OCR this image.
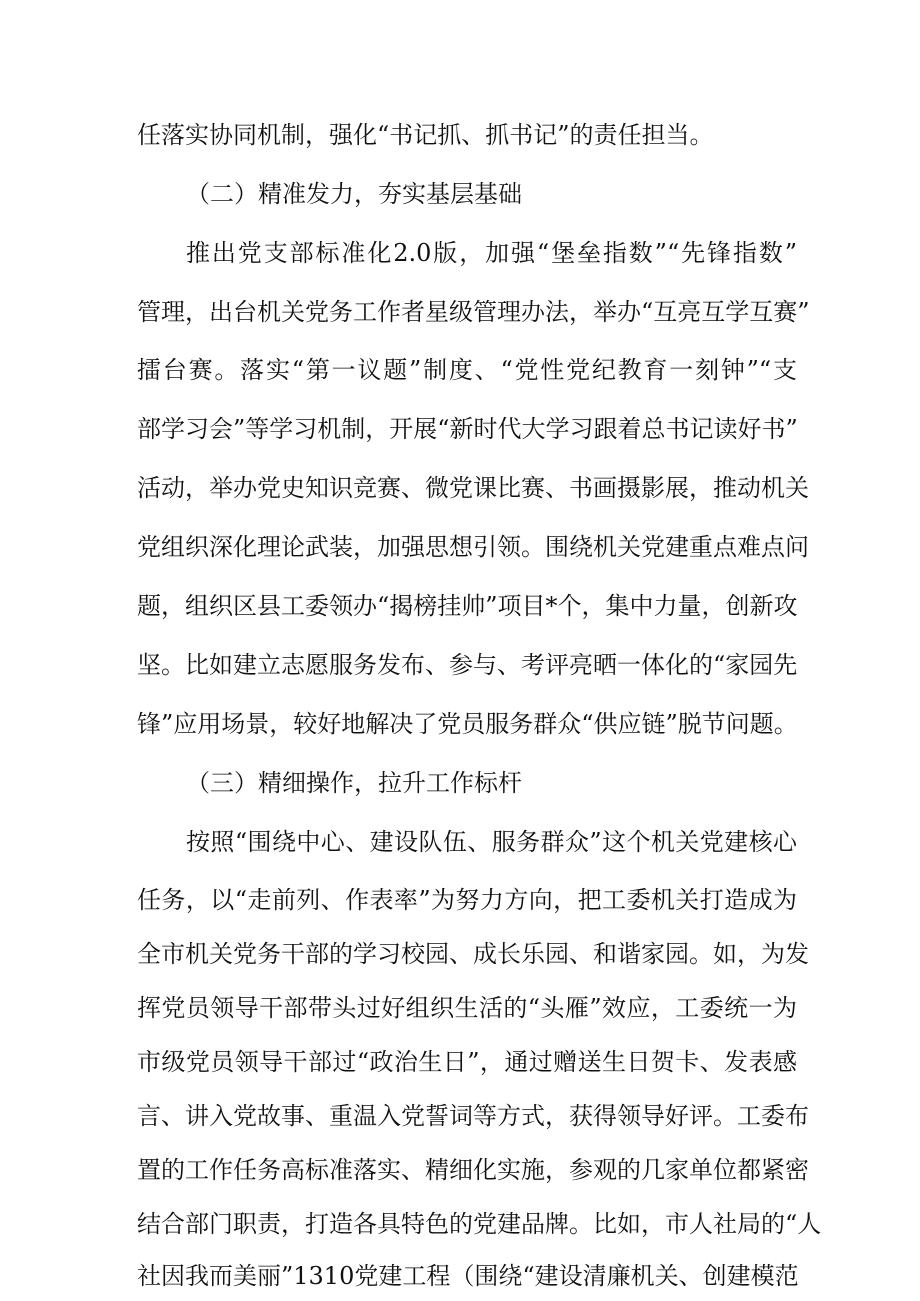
任落实协同机制，强化“书记抓、抓书记”的责任担当。
（二）精准发力，夯实基层基础
推出党支部标准化2.0版，加强“堡垒指数”“先锋指数”
管理，出台机关党务工作者星级管理办法，举办“互亮互学互赛”
擂台赛。落实“第一议题”制度、“党性党纪教育一刻钟”“支
部学习会”等学习机制，开展“新时代大学习跟着总书记读好书”
活动，举办党史知识竞赛、微党课比赛、书画摄影展，推动机关
党组织深化理论武装，加强思想引领。围绕机关党建重点难点问
题，组织区县工委领办“揭榜挂帅”项目*个，集中力量，创新攻
坚。比如建立志愿服务发布、参与、考评亮晒一体化的“家园先
锋”应用场景，较好地解决了党员服务群众“供应链”脱节问题。
（三）精细操作，拉升工作标杆
按照“围绕中心、建设队伍、服务群众”这个机关党建核心
任务，以“走前列、作表率”为努力方向，把工委机关打造成为
全市机关党务干部的学习校园、成长乐园、和谐家园。如，为发
挥党员领导干部带头过好组织生活的“头雁”效应，工委统一为
市级党员领导干部过“政治生日”，通过赠送生日贺卡、发表感
言、讲入党故事、重温入党誓词等方式，获得领导好评。工委布
置的工作任务高标准落实、精细化实施，参观的几家单位都紧密
结合部门职责，打造各具特色的党建品牌。比如，市人社局的“人
社因我而美丽”1310党建工程（围绕“建设清廉机关、创建模范
